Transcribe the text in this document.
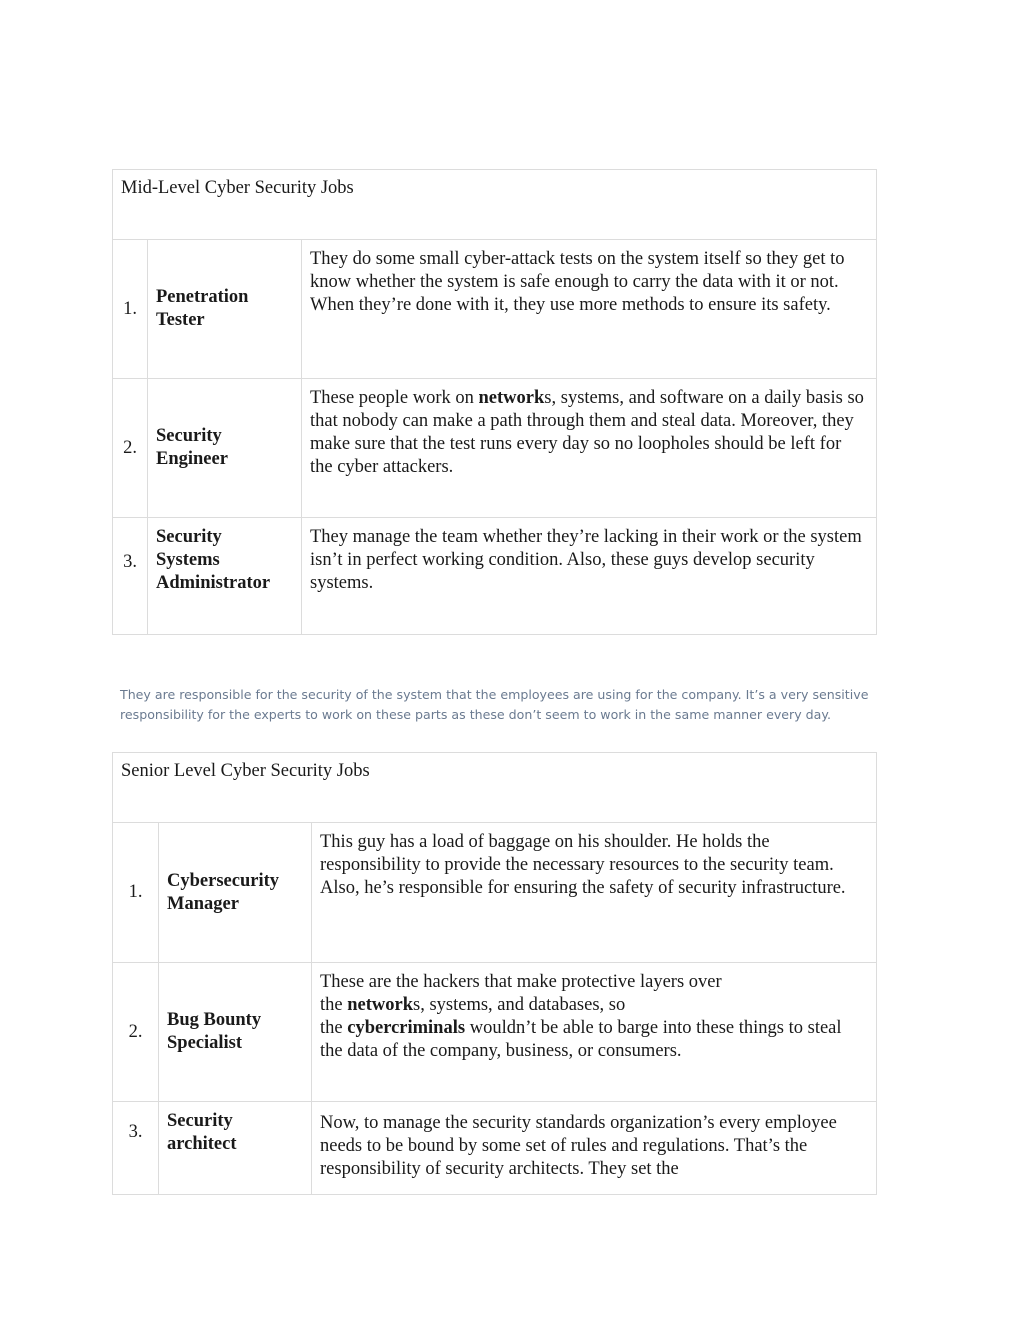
Mid-Level Cyber Security Jobs
1.
Penetration
Tester
They do some small cyber-attack tests on the system itself so they get to know whether the system is safe enough to carry the data with it or not. When they’re done with it, they use more methods to ensure its safety.
2.
Security
Engineer
These people work on networks, systems, and software on a daily basis so that nobody can make a path through them and steal data. Moreover, they make sure that the test runs every day so no loopholes should be left for the cyber attackers.
3.
Security
Systems
Administrator
They manage the team whether they’re lacking in their work or the system isn’t in perfect working condition. Also, these guys develop security systems.
They are responsible for the security of the system that the employees are using for the company. It’s a very sensitive responsibility for the experts to work on these parts as these don’t seem to work in the same manner every day.
Senior Level Cyber Security Jobs
1.
Cybersecurity
Manager
This guy has a load of baggage on his shoulder. He holds the responsibility to provide the necessary resources to the security team. Also, he’s responsible for ensuring the safety of security infrastructure.
2.
Bug Bounty
Specialist
These are the hackers that make protective layers over
the networks, systems, and databases, so
the cybercriminals wouldn’t be able to barge into these things to steal the data of the company, business, or consumers.
3.
Security
architect
Now, to manage the security standards organization’s every employee needs to be bound by some set of rules and regulations. That’s the responsibility of security architects. They set the
